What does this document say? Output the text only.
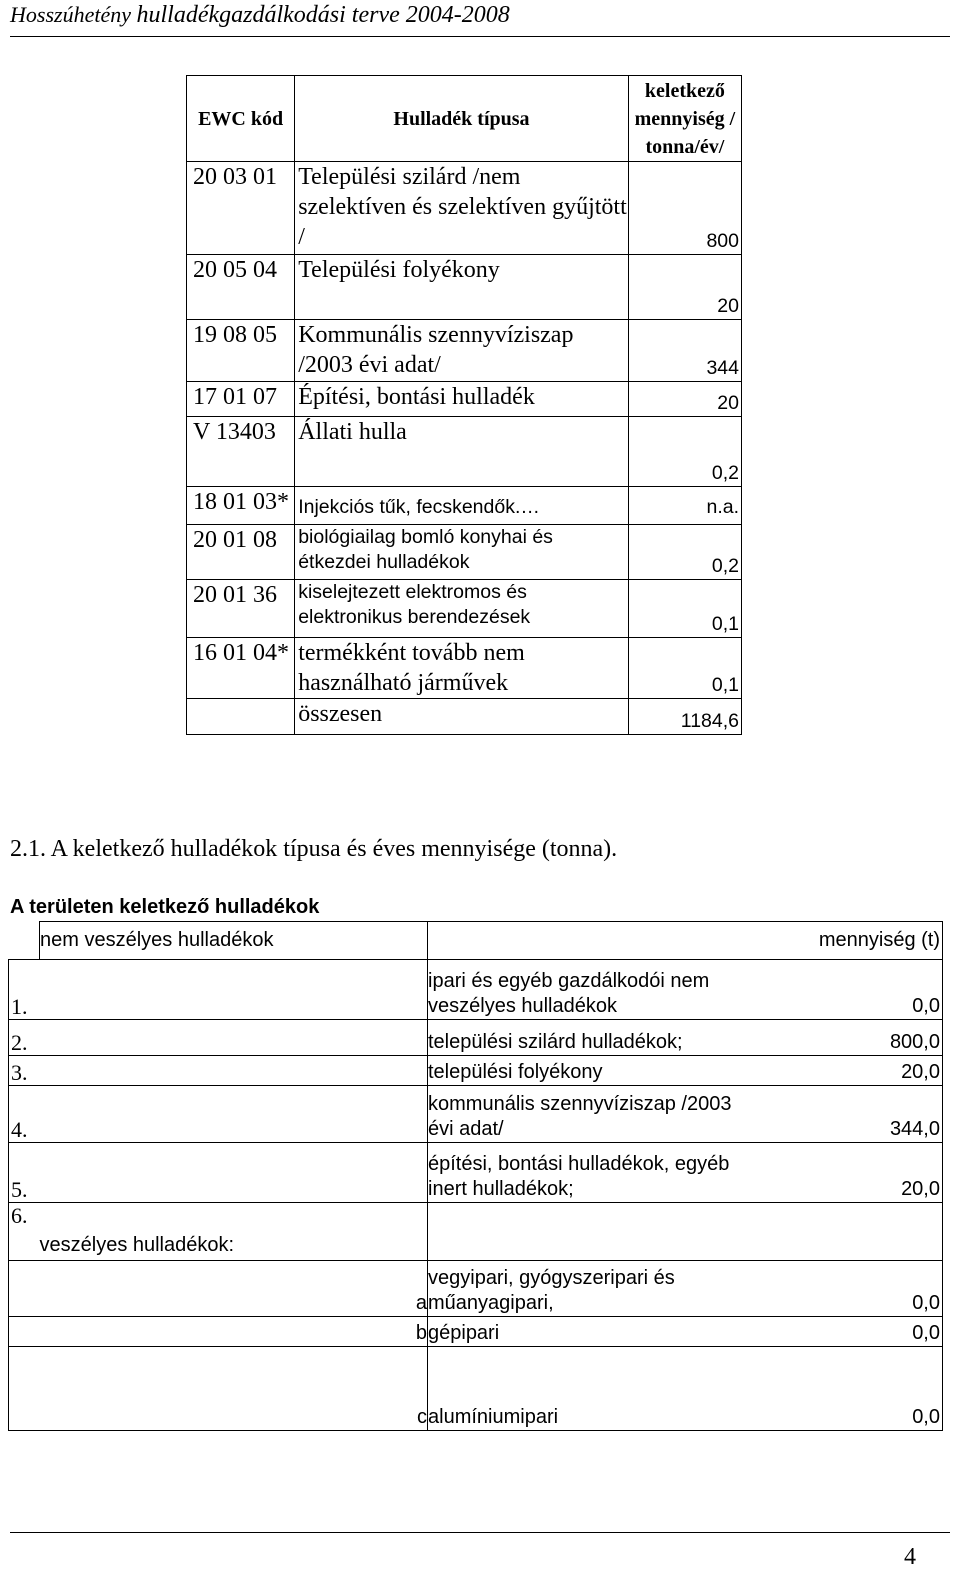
Hosszúhetény hulladékgazdálkodási terve 2004-2008
EWC kód	Hulladék típusa	keletkező mennyiség / tonna/év/
20 03 01	Települési szilárd /nem szelektíven és szelektíven gyűjtött /	800
20 05 04	Települési folyékony	20
19 08 05	Kommunális szennyvíziszap /2003 évi adat/	344
17 01 07	Építési, bontási hulladék	20
V 13403	Állati hulla	0,2
18 01 03*	Injekciós tűk, fecskendők.…	n.a.
20 01 08	biológiailag bomló konyhai és étkezdei hulladékok	0,2
20 01 36	kiselejtezett elektromos és elektronikus berendezések	0,1
16 01 04*	termékként tovább nem használható járművek	0,1
	összesen	1184,6
2.1. A keletkező hulladékok típusa és éves mennyisége (tonna).
A területen keletkező hulladékok
	nem veszélyes hulladékok		mennyiség (t)
1.		ipari és egyéb gazdálkodói nem veszélyes hulladékok	0,0
2.		települési szilárd hulladékok;	800,0
3.		települési folyékony	20,0
4.		kommunális szennyvíziszap /2003 évi adat/	344,0
5.		építési, bontási hulladékok, egyéb inert hulladékok;	20,0
6.	veszélyes hulladékok:		
	a	vegyipari, gyógyszeripari és műanyagipari,	0,0
	b	gépipari	0,0
	c	alumíniumipari	0,0
4
